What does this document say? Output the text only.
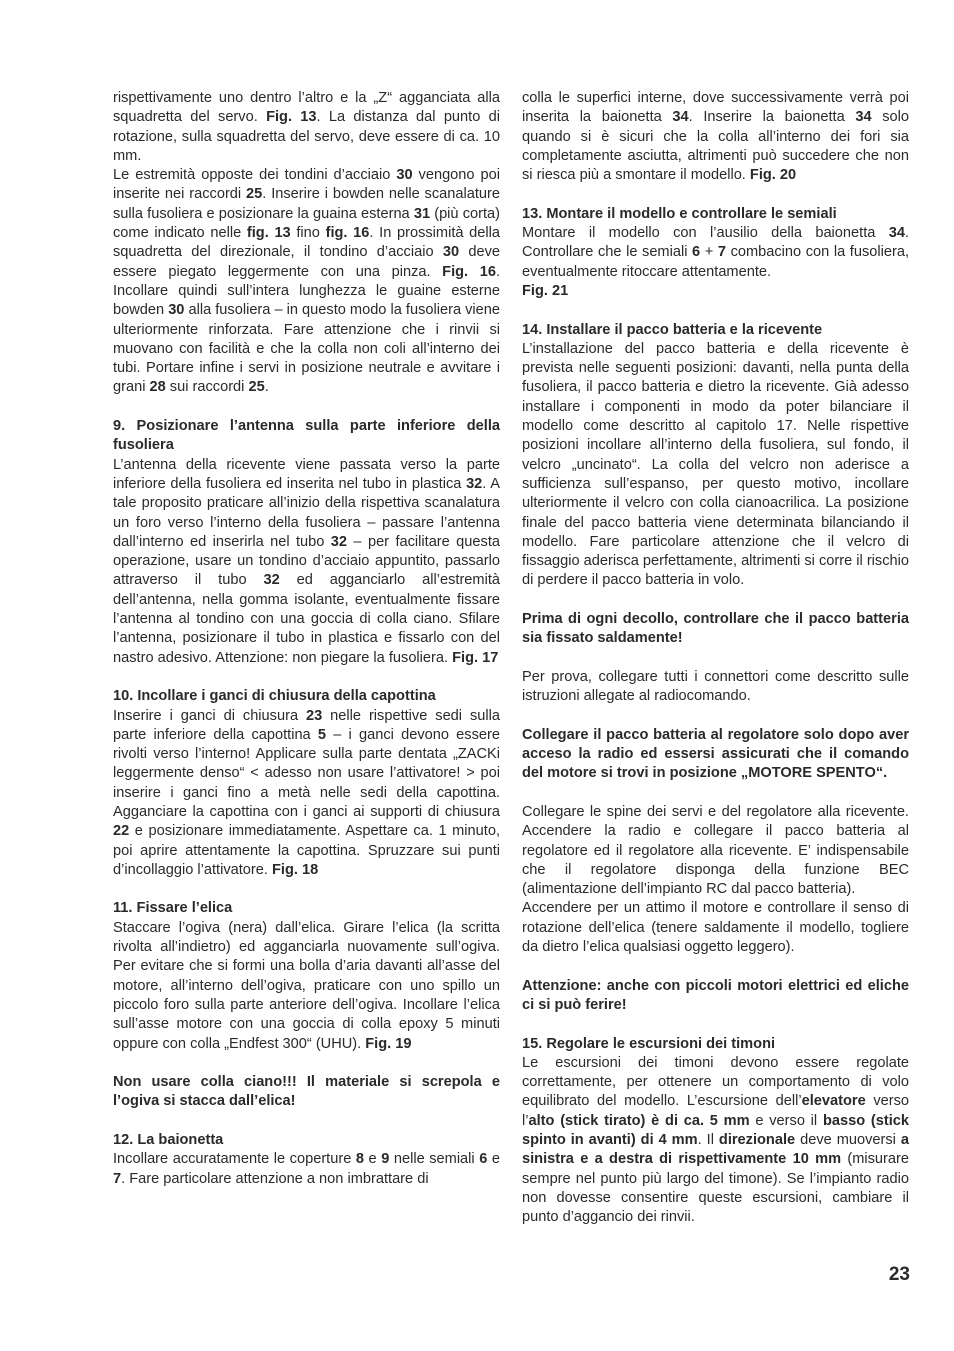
rispettivamente uno dentro l’altro e la „Z“ agganciata alla squadretta del servo. Fig. 13. La distanza dal punto di rotazione, sulla squadretta del servo, deve essere di ca. 10 mm.

Le estremità opposte dei tondini d’acciaio 30 vengono poi inserite nei raccordi 25. Inserire i bowden nelle scanalature sulla fusoliera e posizionare la guaina esterna 31 (più corta) come indicato nelle fig. 13 fino fig. 16. In prossimità della squadretta del direzionale, il tondino d’acciaio 30 deve essere piegato leggermente con una pinza. Fig. 16. Incollare quindi sull’intera lunghezza le guaine esterne bowden 30 alla fusoliera – in questo modo la fusoliera viene ulteriormente rinforzata. Fare attenzione che i rinvii si muovano con facilità e che la colla non coli all’interno dei tubi. Portare infine i servi in posizione neutrale e avvitare i grani 28 sui raccordi 25.

9. Posizionare l’antenna sulla parte inferiore della fusoliera

L’antenna della ricevente viene passata verso la parte inferiore della fusoliera ed inserita nel tubo in plastica 32. A tale proposito praticare all’inizio della rispettiva scanalatura un foro verso l’interno della fusoliera – passare l’antenna dall’interno ed inserirla nel tubo 32 – per facilitare questa operazione, usare un tondino d’acciaio appuntito, passarlo attraverso il tubo 32 ed agganciarlo all’estremità dell’antenna, nella gomma isolante, eventualmente fissare l’antenna al tondino con una goccia di colla ciano. Sfilare l’antenna, posizionare il tubo in plastica e fissarlo con del nastro adesivo. Attenzione: non piegare la fusoliera. Fig. 17

10. Incollare i ganci di chiusura della capottina

Inserire i ganci di chiusura 23 nelle rispettive sedi sulla parte inferiore della capottina 5 – i ganci devono essere rivolti verso l’interno! Applicare sulla parte dentata „ZACKi leggermente denso“ < adesso non usare l’attivatore! > poi inserire i ganci fino a metà nelle sedi della capottina. Agganciare la capottina con i ganci ai supporti di chiusura 22 e posizionare immediatamente. Aspettare ca. 1 minuto, poi aprire attentamente la capottina. Spruzzare sui punti d’incollaggio l’attivatore. Fig. 18

11. Fissare l’elica

Staccare l’ogiva (nera) dall’elica. Girare l’elica (la scritta rivolta all’indietro) ed agganciarla nuovamente sull’ogiva. Per evitare che si formi una bolla d’aria davanti all’asse del motore, all’interno dell’ogiva, praticare con uno spillo un piccolo foro sulla parte anteriore dell’ogiva. Incollare l’elica sull’asse motore con una goccia di colla epoxy 5 minuti oppure con colla „Endfest 300“ (UHU). Fig. 19

Non usare colla ciano!!! Il materiale si screpola e l’ogiva si stacca dall’elica!

12. La baionetta

Incollare accuratamente le coperture 8 e 9 nelle semiali 6 e 7. Fare particolare attenzione a non imbrattare di

colla le superfici interne, dove successivamente verrà poi inserita la baionetta 34. Inserire la baionetta 34 solo quando si è sicuri che la colla all’interno dei fori sia completamente asciutta, altrimenti può succedere che non si riesca più a smontare il modello. Fig. 20

13. Montare il modello e controllare le semiali

Montare il modello con l’ausilio della baionetta 34. Controllare che le semiali 6 + 7 combacino con la fusoliera, eventualmente ritoccare attentamente.

Fig. 21

14. Installare il pacco batteria e la ricevente

L’installazione del pacco batteria e della ricevente è prevista nelle seguenti posizioni: davanti, nella punta della fusoliera, il pacco batteria e dietro la ricevente. Già adesso installare i componenti in modo da poter bilanciare il modello come descritto al capitolo 17. Nelle rispettive posizioni incollare all’interno della fusoliera, sul fondo, il velcro „uncinato“. La colla del velcro non aderisce a sufficienza sull’espanso, per questo motivo, incollare ulteriormente il velcro con colla cianoacrilica. La posizione finale del pacco batteria viene determinata bilanciando il modello. Fare particolare attenzione che il velcro di fissaggio aderisca perfettamente, altrimenti si corre il rischio di perdere il pacco batteria in volo.

Prima di ogni decollo, controllare che il pacco batteria sia fissato saldamente!

Per prova, collegare tutti i connettori come descritto sulle istruzioni allegate al radiocomando.

Collegare il pacco batteria al regolatore solo dopo aver acceso la radio ed essersi assicurati che il comando del motore si trovi in posizione „MOTORE SPENTO“.

Collegare le spine dei servi e del regolatore alla ricevente. Accendere la radio e collegare il pacco batteria al regolatore ed il regolatore alla ricevente. E’ indispensabile che il regolatore disponga della funzione BEC (alimentazione dell’impianto RC dal pacco batteria).

Accendere per un attimo il motore e controllare il senso di rotazione dell’elica (tenere saldamente il modello, togliere da dietro l’elica qualsiasi oggetto leggero).

Attenzione: anche con piccoli motori elettrici ed eliche ci si può ferire!

15. Regolare le escursioni dei timoni

Le escursioni dei timoni devono essere regolate correttamente, per ottenere un comportamento di volo equilibrato del modello. L’escursione dell’elevatore verso l’alto (stick tirato) è di ca. 5 mm e verso il basso (stick spinto in avanti) di 4 mm. Il direzionale deve muoversi a sinistra e a destra di rispettivamente 10 mm (misurare sempre nel punto più largo del timone). Se l’impianto radio non dovesse consentire queste escursioni, cambiare il punto d’aggancio dei rinvii.

23
